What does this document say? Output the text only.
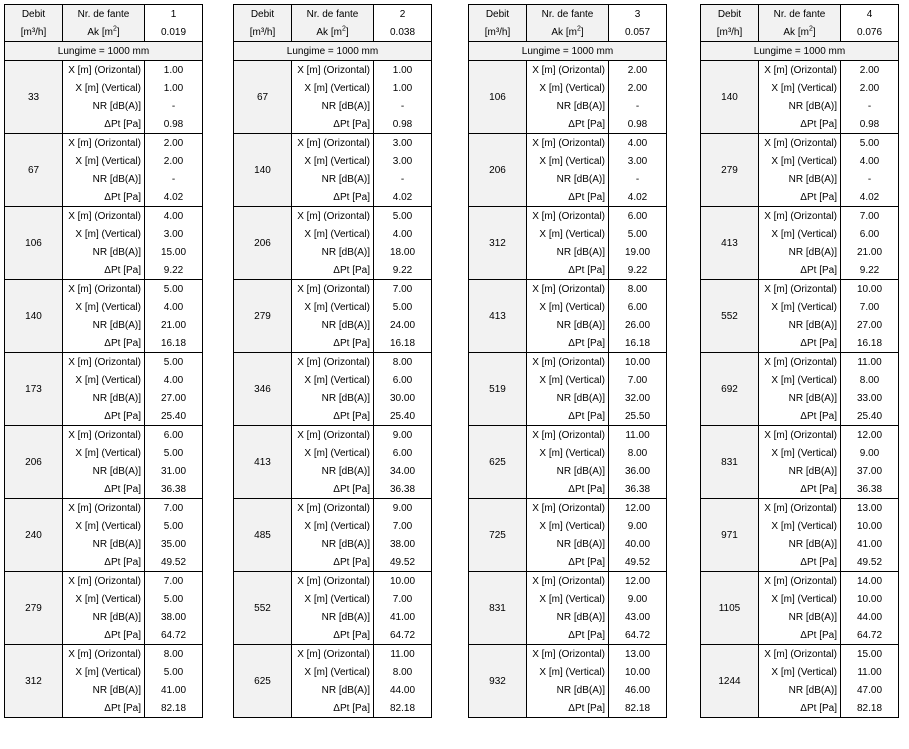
Debit	Nr. de fante	1
[m³/h]	Ak $[m^2]$	0.019
Lungime = 1000 mm		
33	X [m] (Orizontal)	1.00
	X [m] (Vertical)	1.00
	NR [dB(A)]	-
	ΔPt [Pa]	0.98
67	X [m] (Orizontal)	2.00
	X [m] (Vertical)	2.00
	NR [dB(A)]	-
	ΔPt [Pa]	4.02
106	X [m] (Orizontal)	4.00
	X [m] (Vertical)	3.00
	NR [dB(A)]	15.00
	ΔPt [Pa]	9.22
140	X [m] (Orizontal)	5.00
	X [m] (Vertical)	4.00
	NR [dB(A)]	21.00
	ΔPt [Pa]	16.18
173	X [m] (Orizontal)	5.00
	X [m] (Vertical)	4.00
	NR [dB(A)]	27.00
	ΔPt [Pa]	25.40
206	X [m] (Orizontal)	6.00
	X [m] (Vertical)	5.00
	NR [dB(A)]	31.00
	ΔPt [Pa]	36.38
240	X [m] (Orizontal)	7.00
	X [m] (Vertical)	5.00
	NR [dB(A)]	35.00
	ΔPt [Pa]	49.52
279	X [m] (Orizontal)	7.00
	X [m] (Vertical)	5.00
	NR [dB(A)]	38.00
	ΔPt [Pa]	64.72
312	X [m] (Orizontal)	8.00
	X [m] (Vertical)	5.00
	NR [dB(A)]	41.00
	ΔPt [Pa]	82.18
Debit	Nr. de fante	2
[m³/h]	Ak $[m^2]$	0.038
Lungime = 1000 mm		
67	X [m] (Orizontal)	1.00
	X [m] (Vertical)	1.00
	NR [dB(A)]	-
	ΔPt [Pa]	0.98
140	X [m] (Orizontal)	3.00
	X [m] (Vertical)	3.00
	NR [dB(A)]	-
	ΔPt [Pa]	4.02
206	X [m] (Orizontal)	5.00
	X [m] (Vertical)	4.00
	NR [dB(A)]	18.00
	ΔPt [Pa]	9.22
279	X [m] (Orizontal)	7.00
	X [m] (Vertical)	5.00
	NR [dB(A)]	24.00
	ΔPt [Pa]	16.18
346	X [m] (Orizontal)	8.00
	X [m] (Vertical)	6.00
	NR [dB(A)]	30.00
	ΔPt [Pa]	25.40
413	X [m] (Orizontal)	9.00
	X [m] (Vertical)	6.00
	NR [dB(A)]	34.00
	ΔPt [Pa]	36.38
485	X [m] (Orizontal)	9.00
	X [m] (Vertical)	7.00
	NR [dB(A)]	38.00
	ΔPt [Pa]	49.52
552	X [m] (Orizontal)	10.00
	X [m] (Vertical)	7.00
	NR [dB(A)]	41.00
	ΔPt [Pa]	64.72
625	X [m] (Orizontal)	11.00
	X [m] (Vertical)	8.00
	NR [dB(A)]	44.00
	ΔPt [Pa]	82.18
Debit	Nr. de fante	3
[m³/h]	Ak $[m^2]$	0.057
Lungime = 1000 mm		
106	X [m] (Orizontal)	2.00
	X [m] (Vertical)	2.00
	NR [dB(A)]	-
	ΔPt [Pa]	0.98
206	X [m] (Orizontal)	4.00
	X [m] (Vertical)	3.00
	NR [dB(A)]	-
	ΔPt [Pa]	4.02
312	X [m] (Orizontal)	6.00
	X [m] (Vertical)	5.00
	NR [dB(A)]	19.00
	ΔPt [Pa]	9.22
413	X [m] (Orizontal)	8.00
	X [m] (Vertical)	6.00
	NR [dB(A)]	26.00
	ΔPt [Pa]	16.18
519	X [m] (Orizontal)	10.00
	X [m] (Vertical)	7.00
	NR [dB(A)]	32.00
	ΔPt [Pa]	25.50
625	X [m] (Orizontal)	11.00
	X [m] (Vertical)	8.00
	NR [dB(A)]	36.00
	ΔPt [Pa]	36.38
725	X [m] (Orizontal)	12.00
	X [m] (Vertical)	9.00
	NR [dB(A)]	40.00
	ΔPt [Pa]	49.52
831	X [m] (Orizontal)	12.00
	X [m] (Vertical)	9.00
	NR [dB(A)]	43.00
	ΔPt [Pa]	64.72
932	X [m] (Orizontal)	13.00
	X [m] (Vertical)	10.00
	NR [dB(A)]	46.00
	ΔPt [Pa]	82.18
Debit	Nr. de fante	4
[m³/h]	Ak $[m^2]$	0.076
Lungime = 1000 mm		
140	X [m] (Orizontal)	2.00
	X [m] (Vertical)	2.00
	NR [dB(A)]	-
	ΔPt [Pa]	0.98
279	X [m] (Orizontal)	5.00
	X [m] (Vertical)	4.00
	NR [dB(A)]	-
	ΔPt [Pa]	4.02
413	X [m] (Orizontal)	7.00
	X [m] (Vertical)	6.00
	NR [dB(A)]	21.00
	ΔPt [Pa]	9.22
552	X [m] (Orizontal)	10.00
	X [m] (Vertical)	7.00
	NR [dB(A)]	27.00
	ΔPt [Pa]	16.18
692	X [m] (Orizontal)	11.00
	X [m] (Vertical)	8.00
	NR [dB(A)]	33.00
	ΔPt [Pa]	25.40
831	X [m] (Orizontal)	12.00
	X [m] (Vertical)	9.00
	NR [dB(A)]	37.00
	ΔPt [Pa]	36.38
971	X [m] (Orizontal)	13.00
	X [m] (Vertical)	10.00
	NR [dB(A)]	41.00
	ΔPt [Pa]	49.52
1105	X [m] (Orizontal)	14.00
	X [m] (Vertical)	10.00
	NR [dB(A)]	44.00
	ΔPt [Pa]	64.72
1244	X [m] (Orizontal)	15.00
	X [m] (Vertical)	11.00
	NR [dB(A)]	47.00
	ΔPt [Pa]	82.18
